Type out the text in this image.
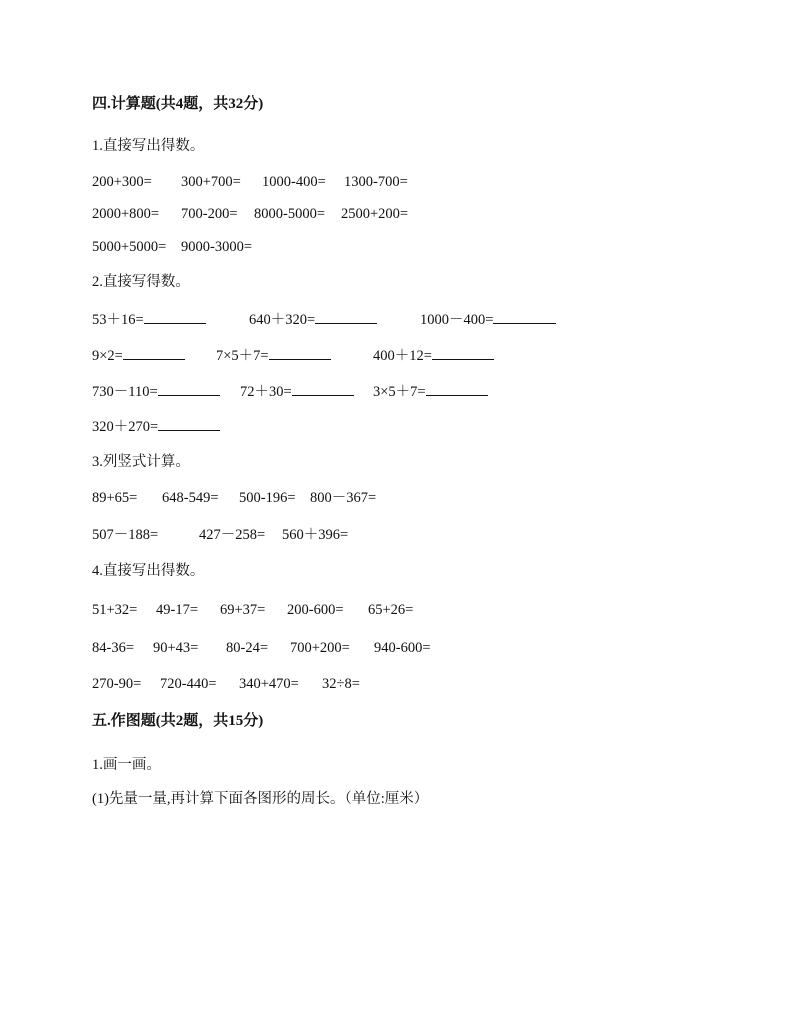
四.计算题(共4题，共32分)
1.直接写出得数。
200+300= 300+700= 1000-400= 1300-700=
2000+800= 700-200= 8000-5000= 2500+200=
5000+5000= 9000-3000=
2.直接写得数。
53＋16=	640＋320=	1000－400=
9×2=	7×5＋7=	400＋12=
730－110=	72＋30=	3×5＋7=
320＋270=
3.列竖式计算。
89+65= 648-549= 500-196= 800－367=
507－188=	427－258= 560＋396=
4.直接写出得数。
51+32= 49-17= 69+37= 200-600= 65+26=
84-36= 90+43= 80-24= 700+200= 940-600=
270-90= 720-440= 340+470= 32÷8=
五.作图题(共2题，共15分)
1.画一画。
(1)先量一量,再计算下面各图形的周长。（单位:厘米）
